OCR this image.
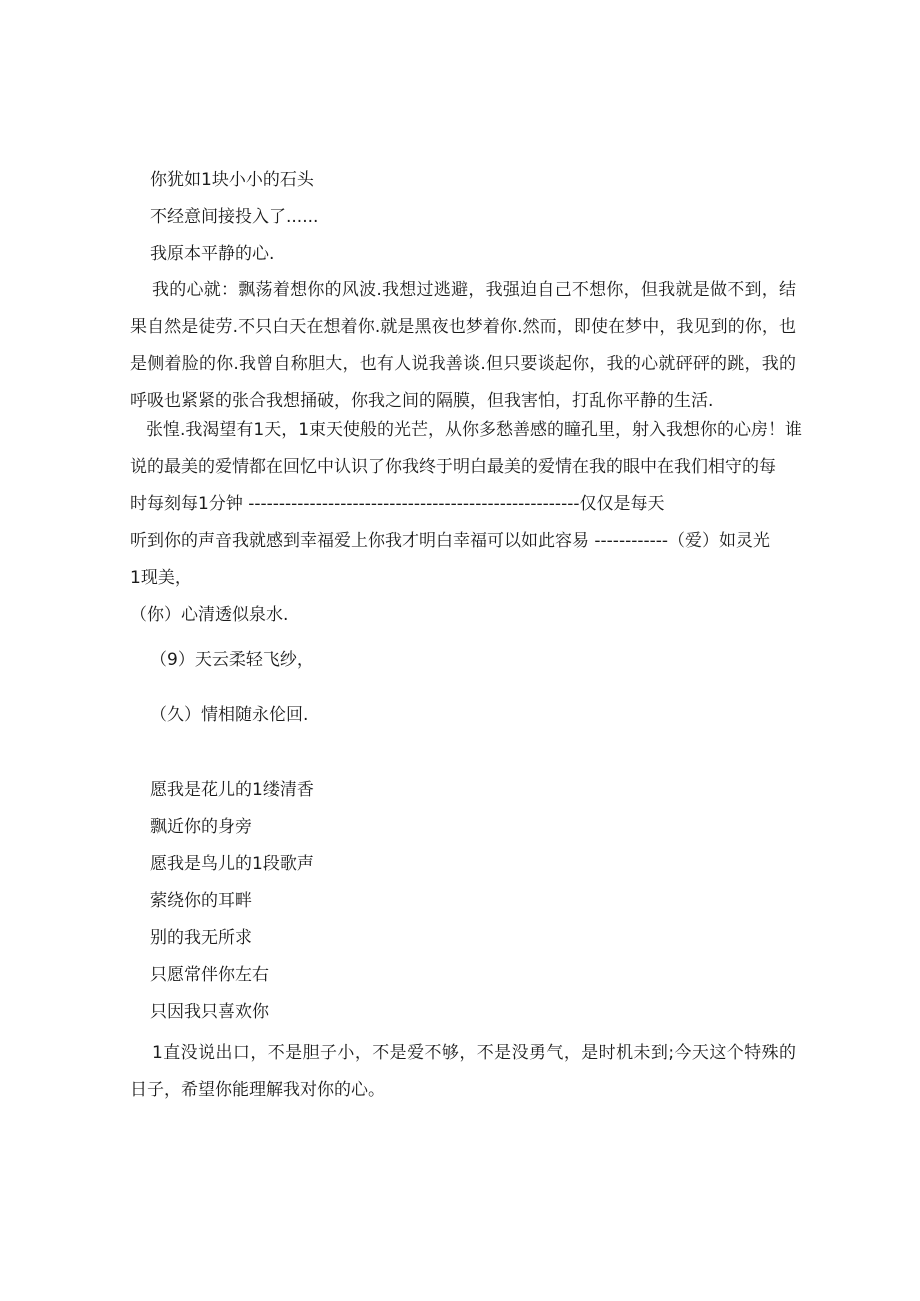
你犹如1块小小的石头
不经意间接投入了......
我原本平静的心.
我的心就：飘荡着想你的风波.我想过逃避，我强迫自己不想你，但我就是做不到，结果自然是徒劳.不只白天在想着你.就是黑夜也梦着你.然而，即使在梦中，我见到的你，也是侧着脸的你.我曾自称胆大，也有人说我善谈.但只要谈起你，我的心就砰砰的跳，我的呼吸也紧紧的张合我想捅破，你我之间的隔膜，但我害怕，打乱你平静的生活.
张惶.我渴望有1天，1束天使般的光芒，从你多愁善感的瞳孔里，射入我想你的心房！谁
说的最美的爱情都在回忆中认识了你我终于明白最美的爱情在我的眼中在我们相守的每
时每刻每1分钟 ------------------------------------------------------仅仅是每天
听到你的声音我就感到幸福爱上你我才明白幸福可以如此容易 ------------（爱）如灵光
1现美，
（你）心清透似泉水.
（9）天云柔轻飞纱，
（久）情相随永伦回.
愿我是花儿的1缕清香
飘近你的身旁
愿我是鸟儿的1段歌声
萦绕你的耳畔
别的我无所求
只愿常伴你左右
只因我只喜欢你
1直没说出口，不是胆子小，不是爱不够，不是没勇气，是时机未到;今天这个特殊的日子，希望你能理解我对你的心。
